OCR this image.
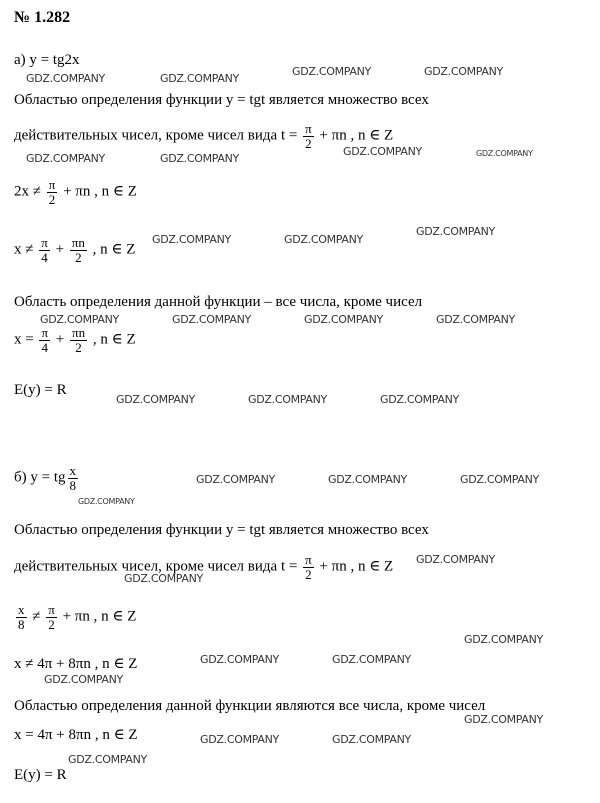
№ 1.282
а) y = tg2x
Областью определения функции y = tgt является множество всех
действительных чисел, кроме чисел вида $t = \frac{\pi}{2} + \pi n$ , n ∈ Z
$2x \ne \frac{\pi}{2} + \pi n$ , n ∈ Z
$x \ne \frac{\pi}{4} + \frac{\pi n}{2}$ , n ∈ Z
Область определения данной функции – все числа, кроме чисел
$x = \frac{\pi}{4} + \frac{\pi n}{2}$ , n ∈ Z
E(y) = R
б) y = tg $\frac{x}{8}$
Областью определения функции y = tgt является множество всех
действительных чисел, кроме чисел вида $t = \frac{\pi}{2} + \pi n$ , n ∈ Z
$\frac{x}{8} \ne \frac{\pi}{2} + \pi n$ , n ∈ Z
x ≠ 4π + 8πn , n ∈ Z
Областью определения данной функции являются все числа, кроме чисел
x = 4π + 8πn , n ∈ Z
E(y) = R
GDZ.COMPANY	GDZ.COMPANY
GDZ.COMPANY	GDZ.COMPANY
GDZ.COMPANY	GDZ.COMPANY
GDZ.COMPANY	GDZ.COMPANY
GDZ.COMPANY	GDZ.COMPANY
GDZ.COMPANY
GDZ.COMPANY	GDZ.COMPANY	GDZ.COMPANY	GDZ.COMPANY
GDZ.COMPANY	GDZ.COMPANY	GDZ.COMPANY
GDZ.COMPANY	GDZ.COMPANY	GDZ.COMPANY
GDZ.COMPANY
GDZ.COMPANY
GDZ.COMPANY
GDZ.COMPANY
GDZ.COMPANY	GDZ.COMPANY
GDZ.COMPANY
GDZ.COMPANY
GDZ.COMPANY	GDZ.COMPANY
GDZ.COMPANY
